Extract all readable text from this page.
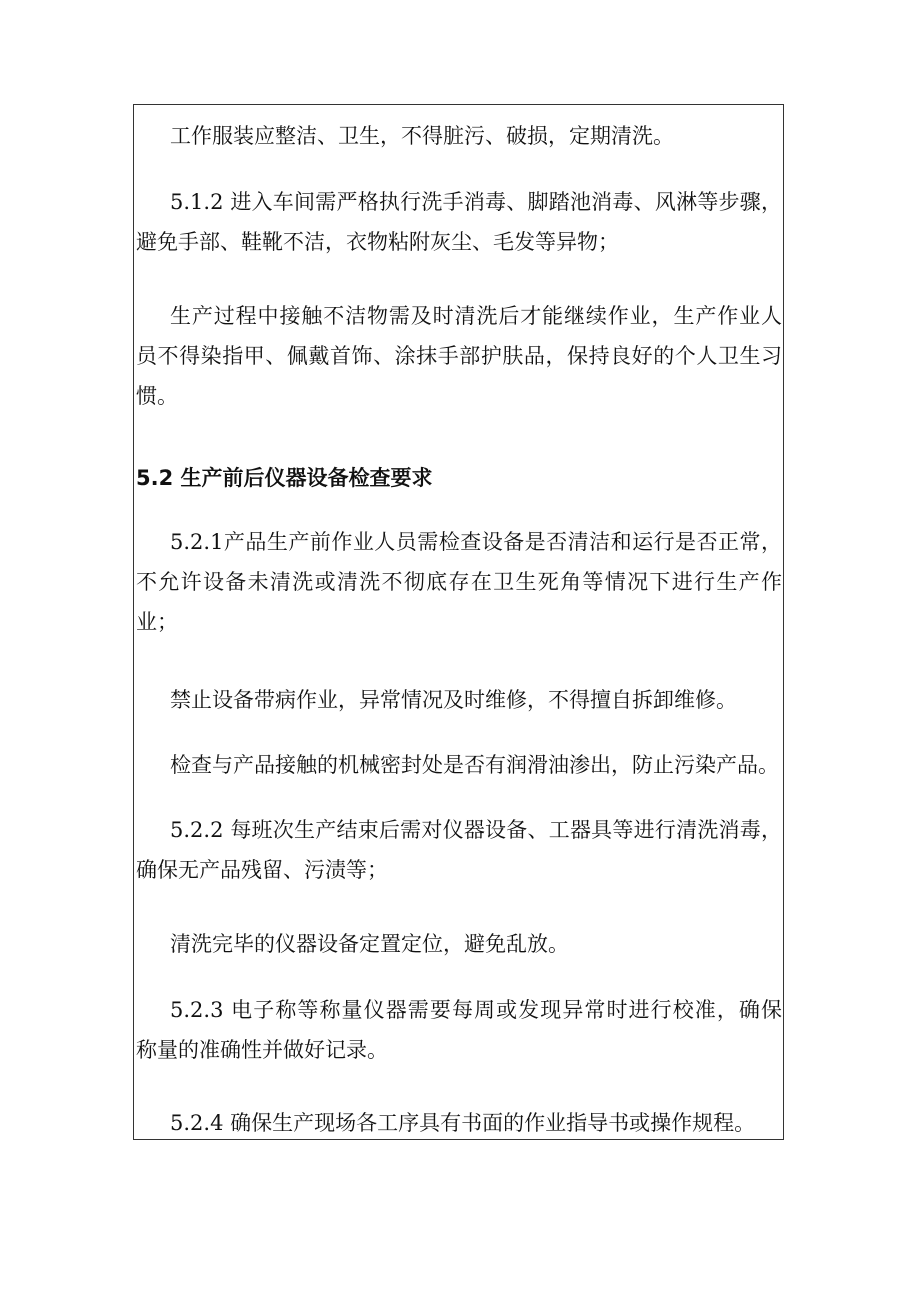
工作服装应整洁、卫生，不得脏污、破损，定期清洗。
5.1.2 进入车间需严格执行洗手消毒、脚踏池消毒、风淋等步骤，
避免手部、鞋靴不洁，衣物粘附灰尘、毛发等异物；
生产过程中接触不洁物需及时清洗后才能继续作业，生产作业人
员不得染指甲、佩戴首饰、涂抹手部护肤品，保持良好的个人卫生习
惯。
5.2 生产前后仪器设备检查要求
5.2.1产品生产前作业人员需检查设备是否清洁和运行是否正常，
不允许设备未清洗或清洗不彻底存在卫生死角等情况下进行生产作
业；
禁止设备带病作业，异常情况及时维修，不得擅自拆卸维修。
检查与产品接触的机械密封处是否有润滑油渗出，防止污染产品。
5.2.2 每班次生产结束后需对仪器设备、工器具等进行清洗消毒，
确保无产品残留、污渍等；
清洗完毕的仪器设备定置定位，避免乱放。
5.2.3 电子称等称量仪器需要每周或发现异常时进行校准，确保
称量的准确性并做好记录。
5.2.4 确保生产现场各工序具有书面的作业指导书或操作规程。
